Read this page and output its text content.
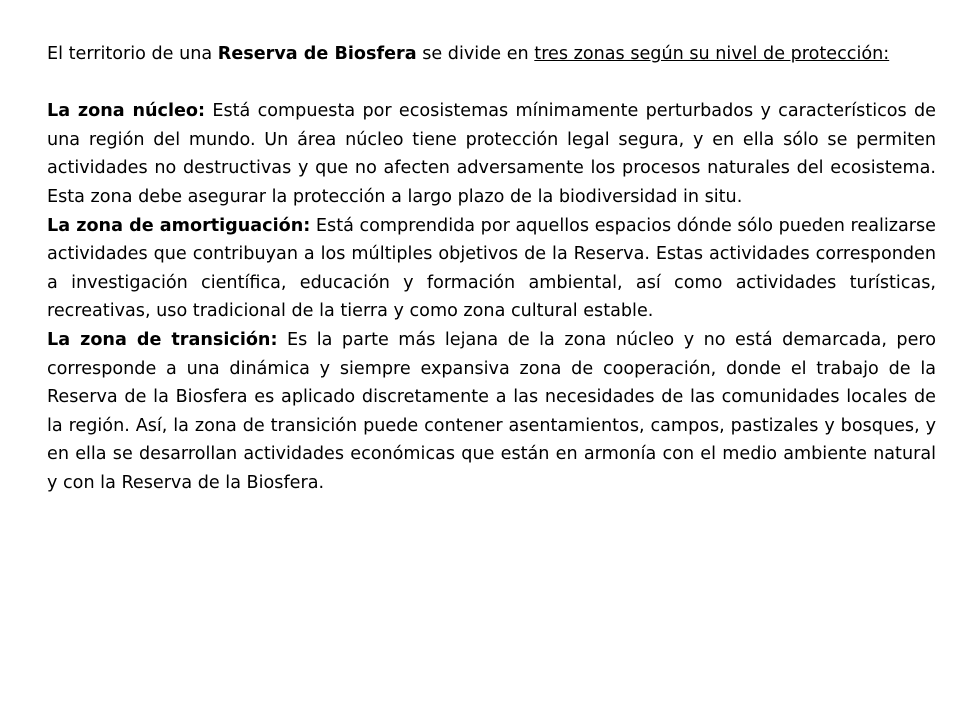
El territorio de una Reserva de Biosfera se divide en tres zonas según su nivel de protección:

La zona núcleo: Está compuesta por ecosistemas mínimamente perturbados y característicos de una región del mundo. Un área núcleo tiene protección legal segura, y en ella sólo se permiten actividades no destructivas y que no afecten adversamente los procesos naturales del ecosistema. Esta zona debe asegurar la protección a largo plazo de la biodiversidad in situ.

La zona de amortiguación: Está comprendida por aquellos espacios dónde sólo pueden realizarse actividades que contribuyan a los múltiples objetivos de la Reserva. Estas actividades corresponden a investigación científica, educación y formación ambiental, así como actividades turísticas, recreativas, uso tradicional de la tierra y como zona cultural estable.

La zona de transición: Es la parte más lejana de la zona núcleo y no está demarcada, pero corresponde a una dinámica y siempre expansiva zona de cooperación, donde el trabajo de la Reserva de la Biosfera es aplicado discretamente a las necesidades de las comunidades locales de la región. Así, la zona de transición puede contener asentamientos, campos, pastizales y bosques, y en ella se desarrollan actividades económicas que están en armonía con el medio ambiente natural y con la Reserva de la Biosfera.
